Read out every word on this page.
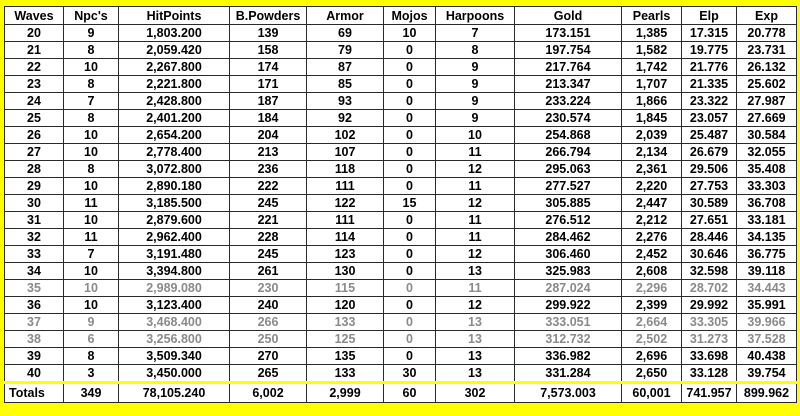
Waves	Npc's	HitPoints	B.Powders	Armor	Mojos	Harpoons	Gold	Pearls	Elp	Exp
20	9	1,803.200	139	69	10	7	173.151	1,385	17.315	20.778
21	8	2,059.420	158	79	0	8	197.754	1,582	19.775	23.731
22	10	2,267.800	174	87	0	9	217.764	1,742	21.776	26.132
23	8	2,221.800	171	85	0	9	213.347	1,707	21.335	25.602
24	7	2,428.800	187	93	0	9	233.224	1,866	23.322	27.987
25	8	2,401.200	184	92	0	9	230.574	1,845	23.057	27.669
26	10	2,654.200	204	102	0	10	254.868	2,039	25.487	30.584
27	10	2,778.400	213	107	0	11	266.794	2,134	26.679	32.055
28	8	3,072.800	236	118	0	12	295.063	2,361	29.506	35.408
29	10	2,890.180	222	111	0	11	277.527	2,220	27.753	33.303
30	11	3,185.500	245	122	15	12	305.885	2,447	30.589	36.708
31	10	2,879.600	221	111	0	11	276.512	2,212	27.651	33.181
32	11	2,962.400	228	114	0	11	284.462	2,276	28.446	34.135
33	7	3,191.480	245	123	0	12	306.460	2,452	30.646	36.775
34	10	3,394.800	261	130	0	13	325.983	2,608	32.598	39.118
35	10	2,989.080	230	115	0	11	287.024	2,296	28.702	34.443
36	10	3,123.400	240	120	0	12	299.922	2,399	29.992	35.991
37	9	3,468.400	266	133	0	13	333.051	2,664	33.305	39.966
38	6	3,256.800	250	125	0	13	312.732	2,502	31.273	37.528
39	8	3,509.340	270	135	0	13	336.982	2,696	33.698	40.438
40	3	3,450.000	265	133	30	13	331.284	2,650	33.128	39.754
Totals	349	78,105.240	6,002	2,999	60	302	7,573.003	60,001	741.957	899.962
